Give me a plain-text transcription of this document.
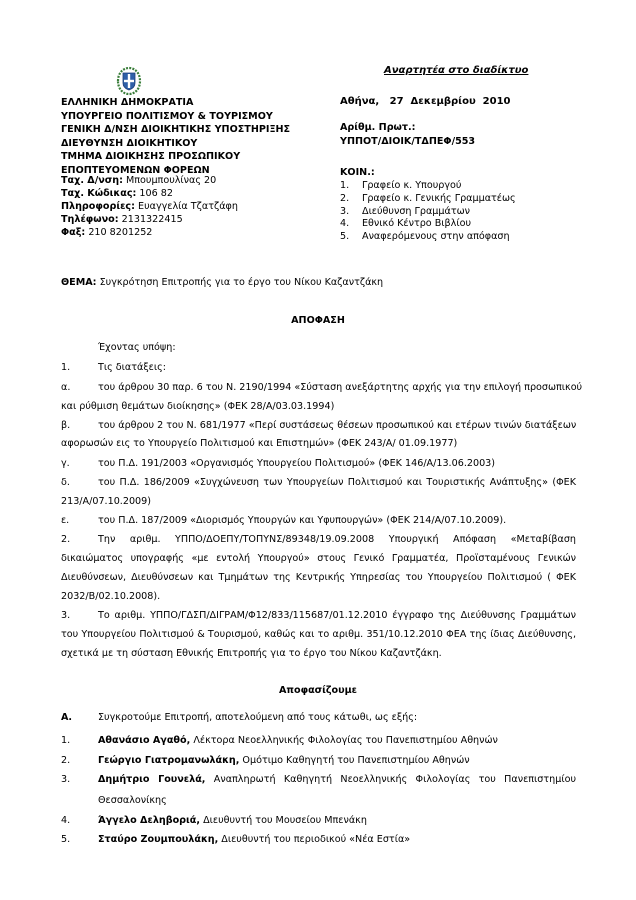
Αναρτητέα στο διαδίκτυο
ΕΛΛΗΝΙΚΗ ΔΗΜΟΚΡΑΤΙΑ
ΥΠΟΥΡΓΕΙΟ ΠΟΛΙΤΙΣΜΟΥ & ΤΟΥΡΙΣΜΟΥ
ΓΕΝΙΚΗ Δ/ΝΣΗ ΔΙΟΙΚΗΤΙΚΗΣ ΥΠΟΣΤΗΡΙΞΗΣ
ΔΙΕΥΘΥΝΣΗ ΔΙΟΙΚΗΤΙΚΟΥ
ΤΜΗΜΑ ΔΙΟΙΚΗΣΗΣ ΠΡΟΣΩΠΙΚΟΥ
ΕΠΟΠΤΕΥΟΜΕΝΩΝ ΦΟΡΕΩΝ
Ταχ. Δ/νση: Μπουμπουλίνας 20
Ταχ. Κώδικας: 106 82
Πληροφορίες: Ευαγγελία Τζατζάφη
Τηλέφωνο: 2131322415
Φαξ: 210 8201252
Αθήνα,   27  Δεκεμβρίου  2010
Αρίθμ. Πρωτ.:
ΥΠΠΟΤ/ΔΙΟΙΚ/ΤΔΠΕΦ/553
ΚΟΙΝ.:
1. Γραφείο κ. Υπουργού
2. Γραφείο κ. Γενικής Γραμματέως
3. Διεύθυνση Γραμμάτων
4. Εθνικό Κέντρο Βιβλίου
5. Αναφερόμενους στην απόφαση
ΘΕΜΑ: Συγκρότηση Επιτροπής για το έργο του Νίκου Καζαντζάκη
ΑΠΟΦΑΣΗ
Έχοντας υπόψη:
1.	Τις διατάξεις:
α.	του άρθρου 30 παρ. 6 του Ν. 2190/1994 «Σύσταση ανεξάρτητης αρχής για την επιλογή προσωπικού
και ρύθμιση θεμάτων διοίκησης» (ΦΕΚ 28/Α/03.03.1994)
β.	του άρθρου 2 του Ν. 681/1977 «Περί συστάσεως θέσεων προσωπικού και ετέρων τινών διατάξεων
αφορωσών εις το Υπουργείο Πολιτισμού και Επιστημών» (ΦΕΚ 243/Α/ 01.09.1977)
γ.	του Π.Δ. 191/2003 «Οργανισμός Υπουργείου Πολιτισμού» (ΦΕΚ 146/Α/13.06.2003)
δ.	του Π.Δ. 186/2009 «Συγχώνευση των Υπουργείων Πολιτισμού και Τουριστικής Ανάπτυξης» (ΦΕΚ
213/Α/07.10.2009)
ε.	του Π.Δ. 187/2009 «Διορισμός Υπουργών και Υφυπουργών» (ΦΕΚ 214/Α/07.10.2009).
2.	Την αριθμ. ΥΠΠΟ/ΔΟΕΠΥ/ΤΟΠΥΝΣ/89348/19.09.2008 Υπουργική Απόφαση «Μεταβίβαση
δικαιώματος υπογραφής «με εντολή Υπουργού» στους Γενικό Γραμματέα, Προϊσταμένους Γενικών
Διευθύνσεων, Διευθύνσεων και Τμημάτων της Κεντρικής Υπηρεσίας του Υπουργείου Πολιτισμού ( ΦΕΚ
2032/Β/02.10.2008).
3.	Το αριθμ. ΥΠΠΟ/ΓΔΣΠ/ΔΙΓΡΑΜ/Φ12/833/115687/01.12.2010 έγγραφο της Διεύθυνσης Γραμμάτων
του Υπουργείου Πολιτισμού & Τουρισμού, καθώς και το αριθμ. 351/10.12.2010 ΦΕΑ της ίδιας Διεύθυνσης,
σχετικά με τη σύσταση Εθνικής Επιτροπής για το έργο του Νίκου Καζαντζάκη.
Αποφασίζουμε
Α.	Συγκροτούμε Επιτροπή, αποτελούμενη από τους κάτωθι, ως εξής:
1.	Αθανάσιο Αγαθό, Λέκτορα Νεοελληνικής Φιλολογίας του Πανεπιστημίου Αθηνών
2.	Γεώργιο Γιατρομανωλάκη, Ομότιμο Καθηγητή του Πανεπιστημίου Αθηνών
3.	Δημήτριο Γουνελά, Αναπληρωτή Καθηγητή Νεοελληνικής Φιλολογίας του Πανεπιστημίου
Θεσσαλονίκης
4.	Άγγελο Δεληβοριά, Διευθυντή του Μουσείου Μπενάκη
5.	Σταύρο Ζουμπουλάκη, Διευθυντή του περιοδικού «Νέα Εστία»
